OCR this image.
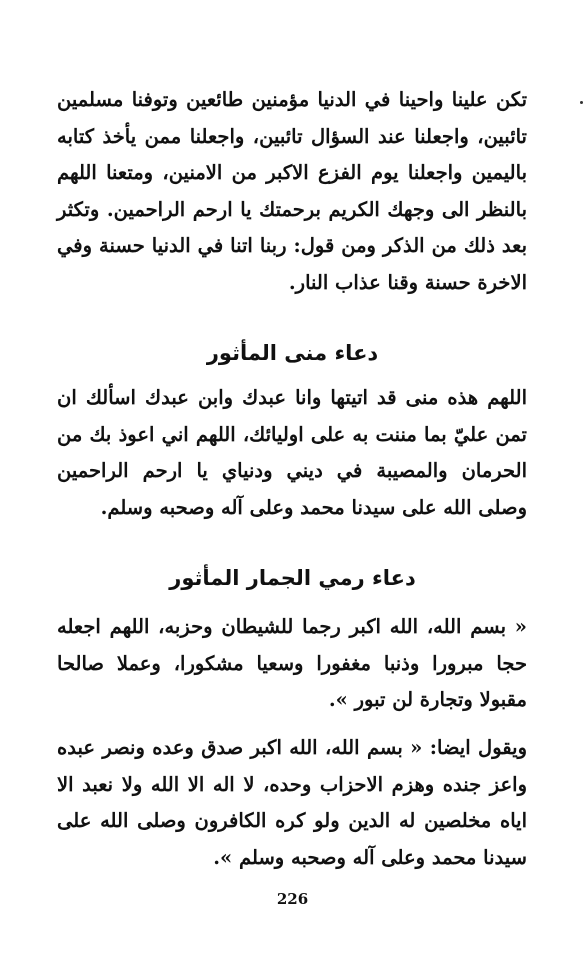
تكن علينا واحينا في الدنيا مؤمنين طائعين وتوفنا مسلمين تائبين، واجعلنا عند السؤال تائبين، واجعلنا ممن يأخذ كتابه باليمين واجعلنا يوم الفزع الاكبر من الامنين، ومتعنا اللهم بالنظر الى وجهك الكريم برحمتك يا ارحم الراحمين. وتكثر بعد ذلك من الذكر ومن قول: ربنا اتنا في الدنيا حسنة وفي الاخرة حسنة وقنا عذاب النار.

دعاء منى المأثور

اللهم هذه منى قد اتيتها وانا عبدك وابن عبدك اسألك ان تمن عليّ بما مننت به على اوليائك، اللهم اني اعوذ بك من الحرمان والمصيبة في ديني ودنياي يا ارحم الراحمين وصلى الله على سيدنا محمد وعلى آله وصحبه وسلم.

دعاء رمي الجمار المأثور

« بسم الله، الله اكبر رجما للشيطان وحزبه، اللهم اجعله حجا مبرورا وذنبا مغفورا وسعيا مشكورا، وعملا صالحا مقبولا وتجارة لن تبور ».

ويقول ايضا: « بسم الله، الله اكبر صدق وعده ونصر عبده واعز جنده وهزم الاحزاب وحده، لا اله الا الله ولا نعبد الا اياه مخلصين له الدين ولو كره الكافرون وصلى الله على سيدنا محمد وعلى آله وصحبه وسلم ».

226
